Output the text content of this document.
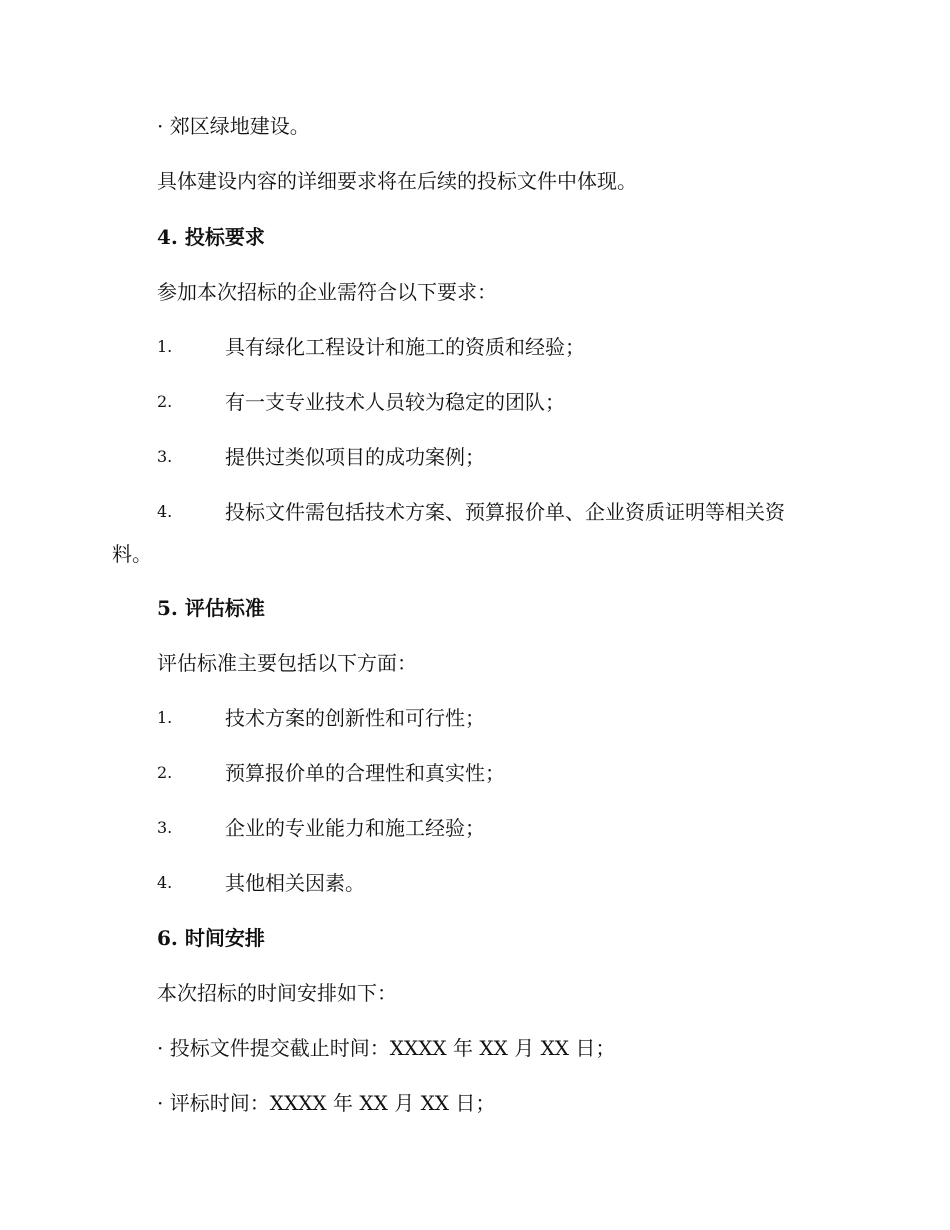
· 郊区绿地建设。
具体建设内容的详细要求将在后续的投标文件中体现。
4. 投标要求
参加本次招标的企业需符合以下要求：
1.	具有绿化工程设计和施工的资质和经验；
2.	有一支专业技术人员较为稳定的团队；
3.	提供过类似项目的成功案例；
4.	投标文件需包括技术方案、预算报价单、企业资质证明等相关资
料。
5. 评估标准
评估标准主要包括以下方面：
1.	技术方案的创新性和可行性；
2.	预算报价单的合理性和真实性；
3.	企业的专业能力和施工经验；
4.	其他相关因素。
6. 时间安排
本次招标的时间安排如下：
· 投标文件提交截止时间：XXXX 年 XX 月 XX 日；
· 评标时间：XXXX 年 XX 月 XX 日；
